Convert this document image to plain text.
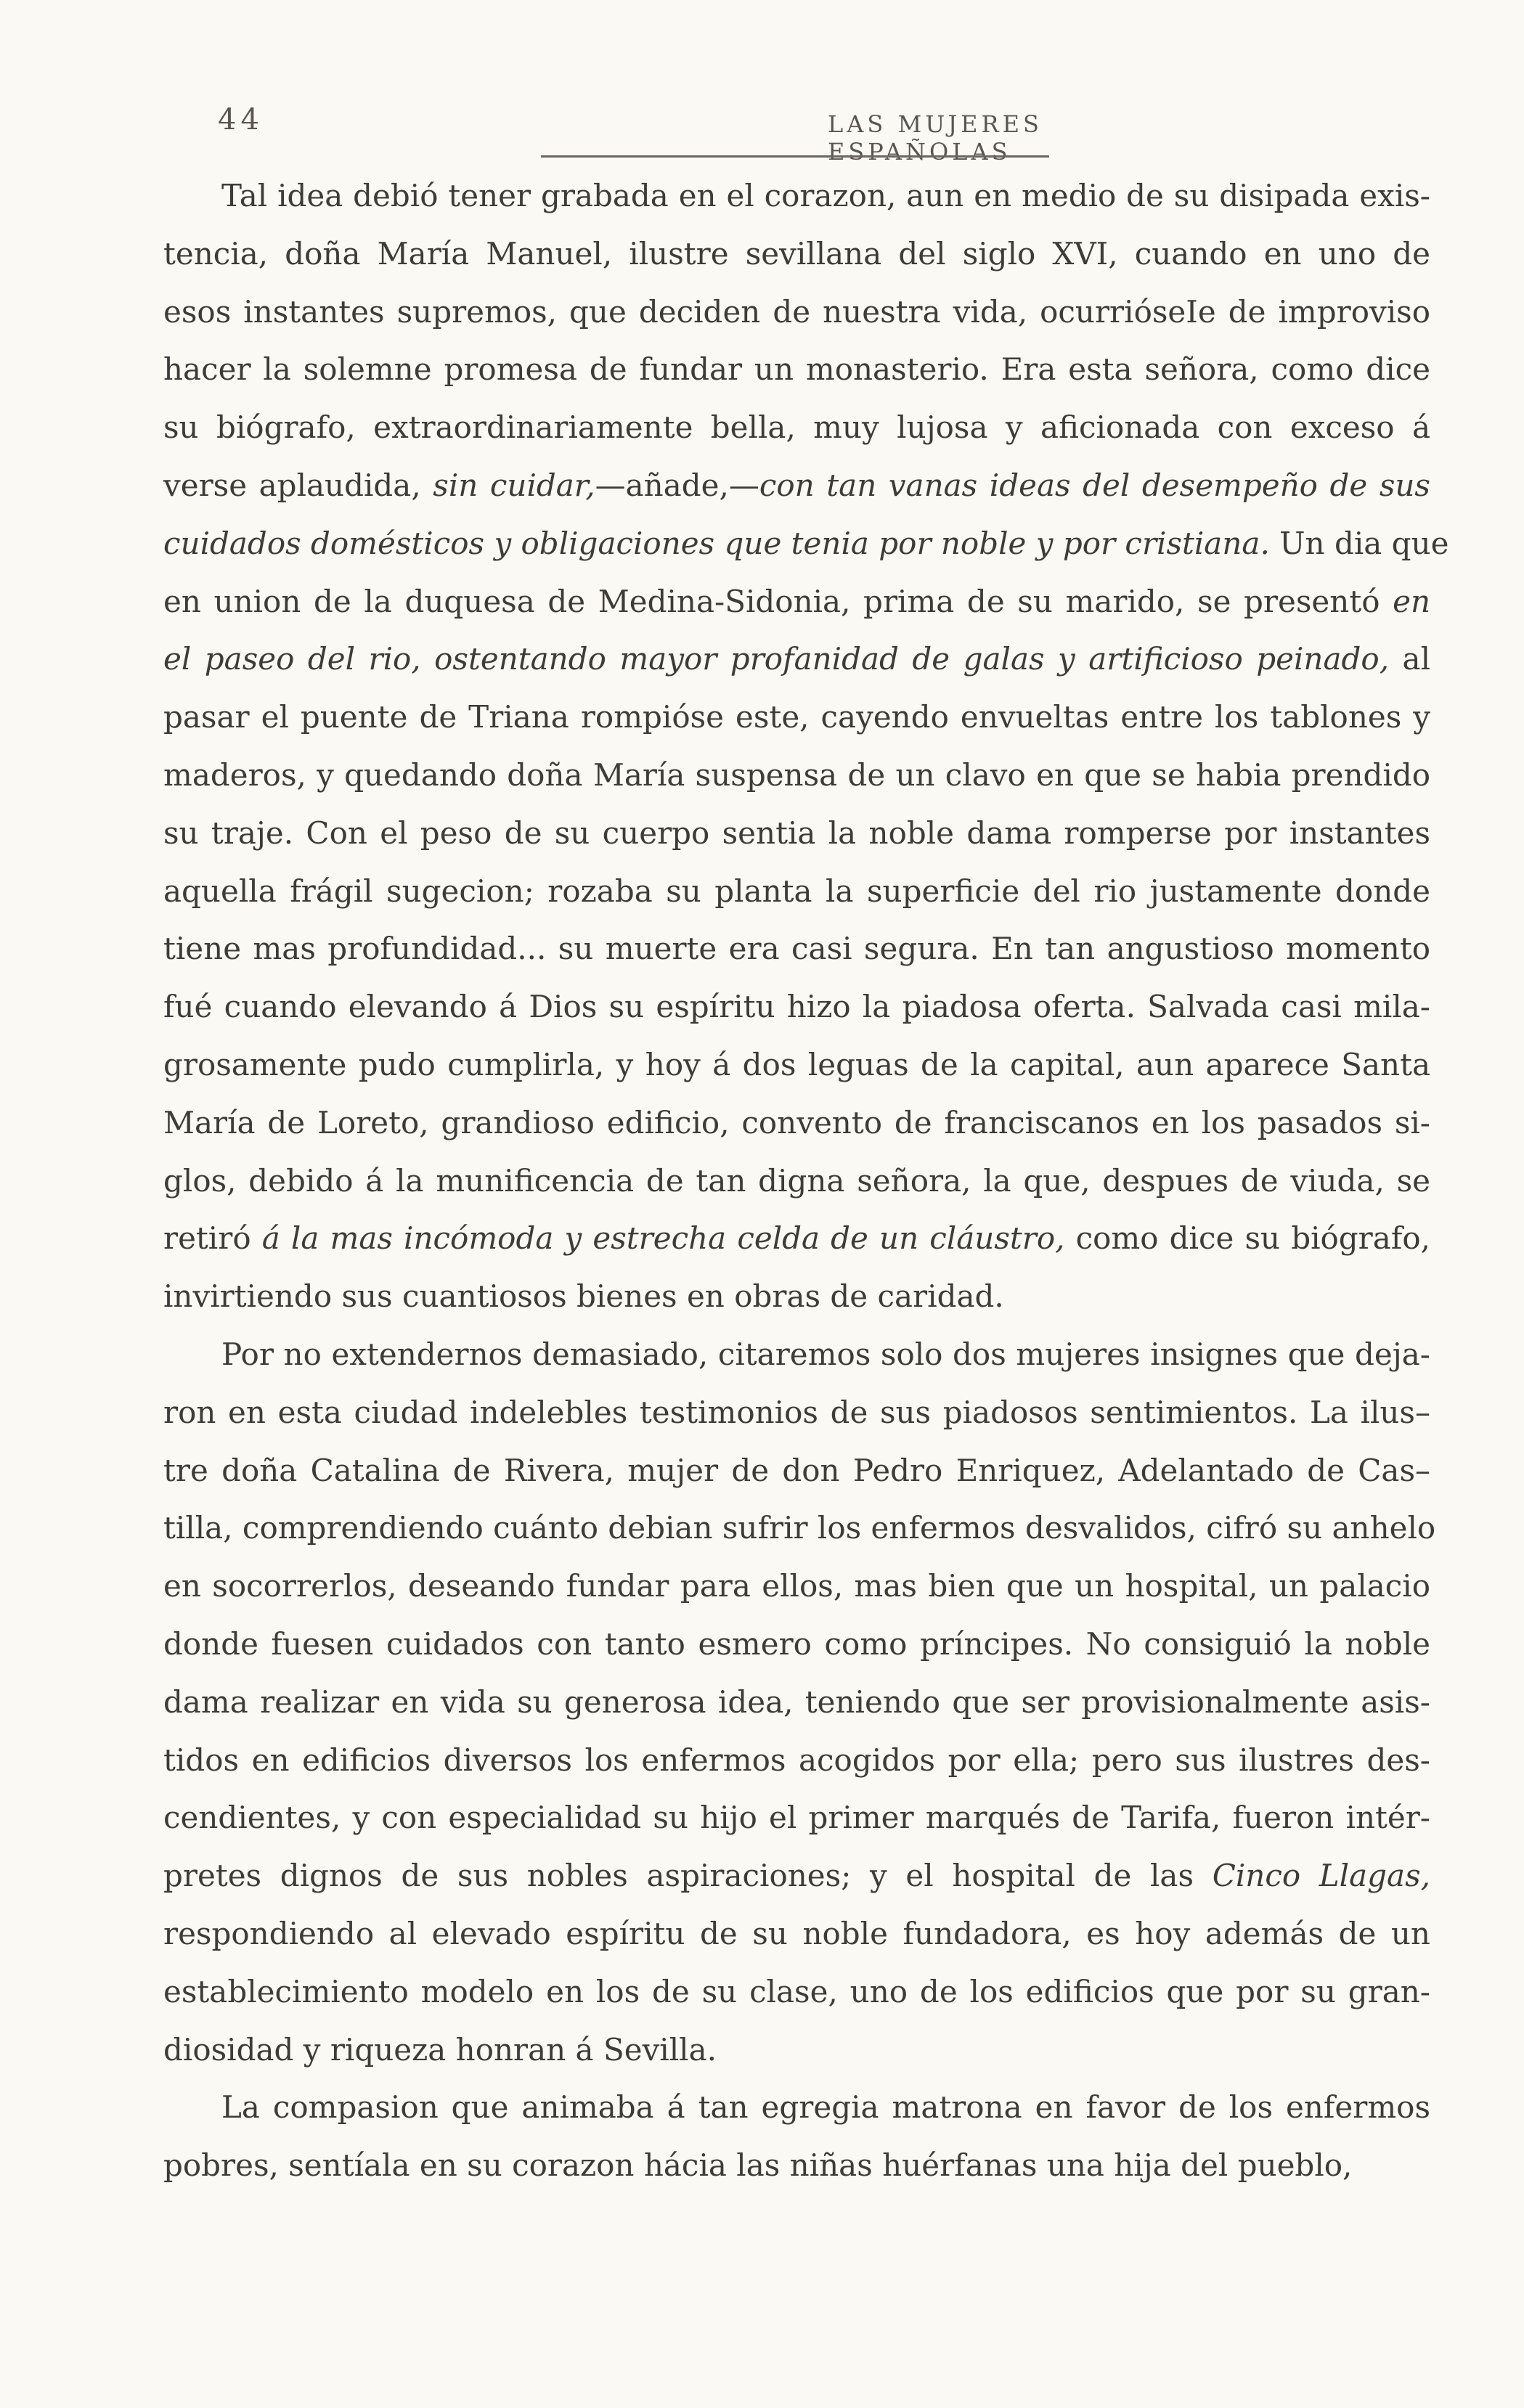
44	LAS MUJERES ESPAÑOLAS
Tal idea debió tener grabada en el corazon, aun en medio de su disipada exis-
tencia, doña María Manuel, ilustre sevillana del siglo XVI, cuando en uno de
esos instantes supremos, que deciden de nuestra vida, ocurrióseIe de improviso
hacer la solemne promesa de fundar un monasterio. Era esta señora, como dice
su biógrafo, extraordinariamente bella, muy lujosa y aficionada con exceso á
verse aplaudida, sin cuidar,—añade,—con tan vanas ideas del desempeño de sus
cuidados domésticos y obligaciones que tenia por noble y por cristiana. Un dia que
en union de la duquesa de Medina-Sidonia, prima de su marido, se presentó en
el paseo del rio, ostentando mayor profanidad de galas y artificioso peinado, al
pasar el puente de Triana rompióse este, cayendo envueltas entre los tablones y
maderos, y quedando doña María suspensa de un clavo en que se habia prendido
su traje. Con el peso de su cuerpo sentia la noble dama romperse por instantes
aquella frágil sugecion; rozaba su planta la superficie del rio justamente donde
tiene mas profundidad... su muerte era casi segura. En tan angustioso momento
fué cuando elevando á Dios su espíritu hizo la piadosa oferta. Salvada casi mila-
grosamente pudo cumplirla, y hoy á dos leguas de la capital, aun aparece Santa
María de Loreto, grandioso edificio, convento de franciscanos en los pasados si-
glos, debido á la munificencia de tan digna señora, la que, despues de viuda, se
retiró á la mas incómoda y estrecha celda de un cláustro, como dice su biógrafo,
invirtiendo sus cuantiosos bienes en obras de caridad.
Por no extendernos demasiado, citaremos solo dos mujeres insignes que deja-
ron en esta ciudad indelebles testimonios de sus piadosos sentimientos. La ilus–
tre doña Catalina de Rivera, mujer de don Pedro Enriquez, Adelantado de Cas–
tilla, comprendiendo cuánto debian sufrir los enfermos desvalidos, cifró su anhelo
en socorrerlos, deseando fundar para ellos, mas bien que un hospital, un palacio
donde fuesen cuidados con tanto esmero como príncipes. No consiguió la noble
dama realizar en vida su generosa idea, teniendo que ser provisionalmente asis-
tidos en edificios diversos los enfermos acogidos por ella; pero sus ilustres des-
cendientes, y con especialidad su hijo el primer marqués de Tarifa, fueron intér-
pretes dignos de sus nobles aspiraciones; y el hospital de las Cinco Llagas,
respondiendo al elevado espíritu de su noble fundadora, es hoy además de un
establecimiento modelo en los de su clase, uno de los edificios que por su gran-
diosidad y riqueza honran á Sevilla.
La compasion que animaba á tan egregia matrona en favor de los enfermos
pobres, sentíala en su corazon hácia las niñas huérfanas una hija del pueblo,
